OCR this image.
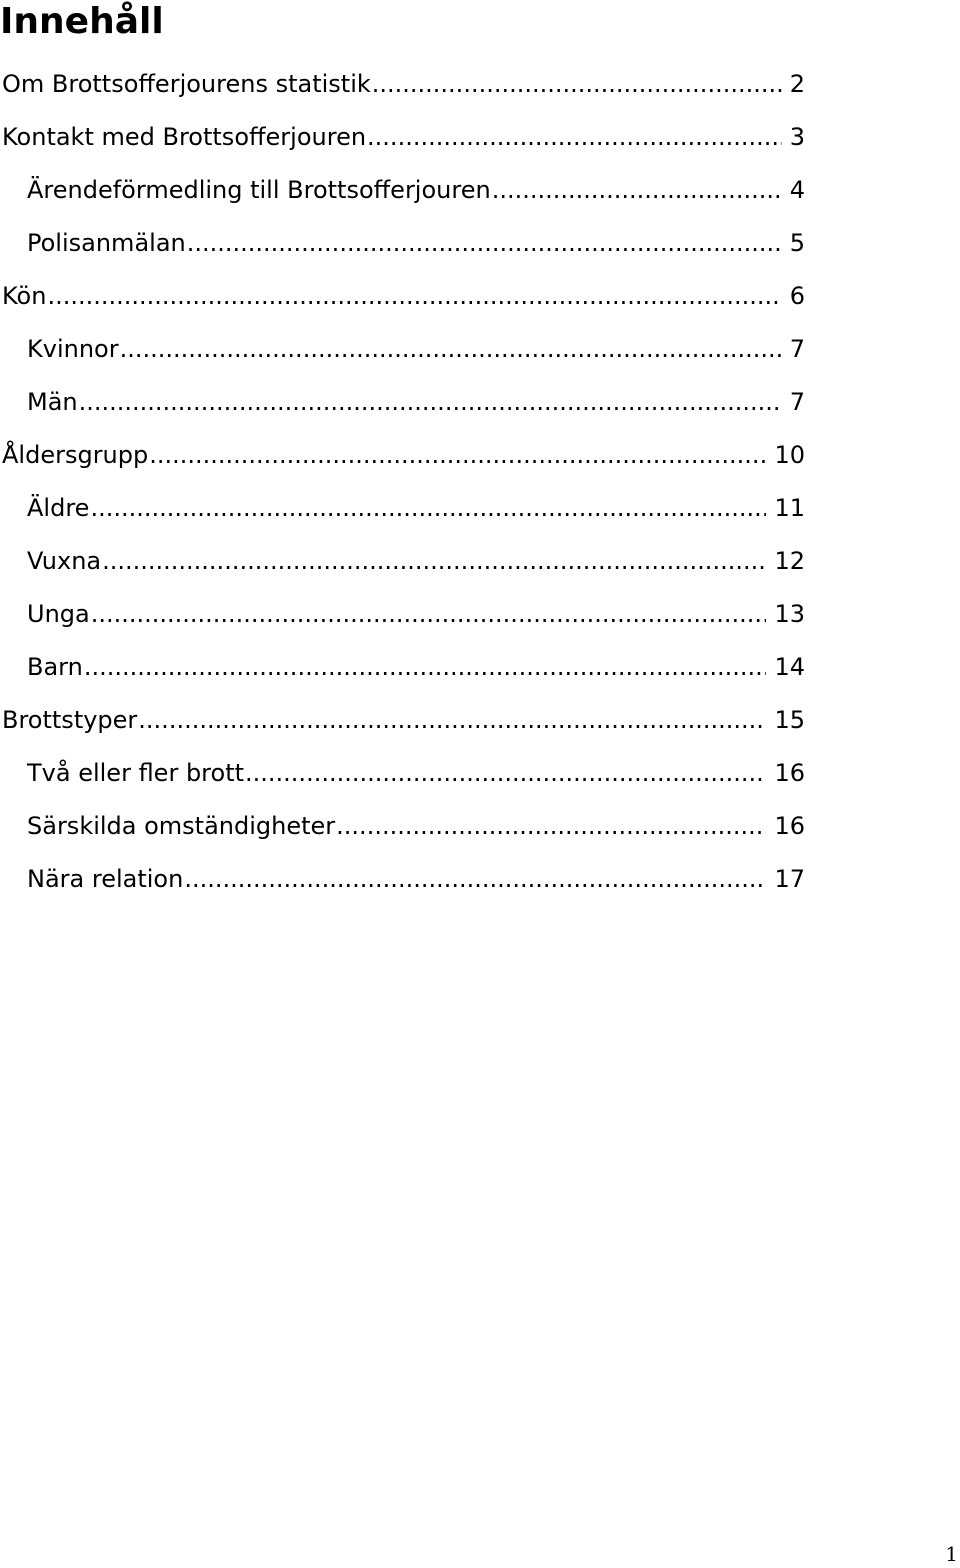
Innehåll
Om Brottsofferjourens statistik .....	2
Kontakt med Brottsofferjouren .....	3
Ärendeförmedling till Brottsofferjouren .....	4
Polisanmälan .....	5
Kön .....	6
Kvinnor .....	7
Män .....	7
Åldersgrupp .....	10
Äldre .....	11
Vuxna .....	12
Unga .....	13
Barn .....	14
Brottstyper .....	15
Två eller fler brott .....	16
Särskilda omständigheter .....	16
Nära relation .....	17
1
